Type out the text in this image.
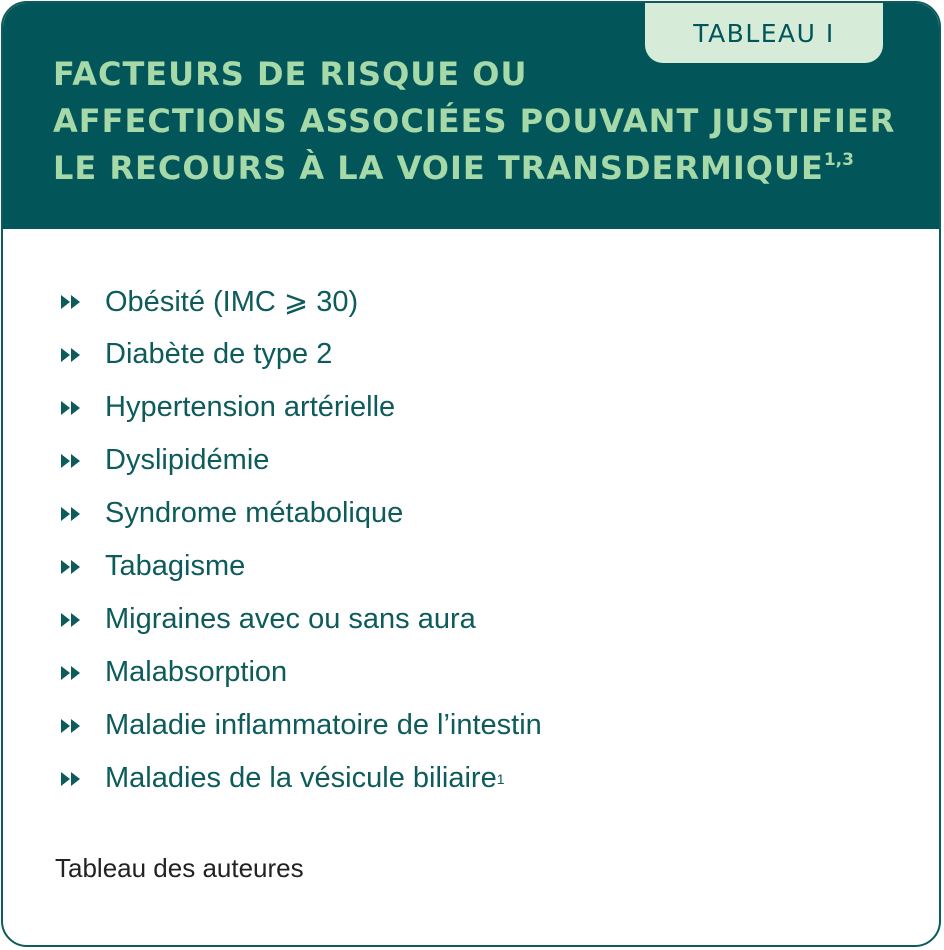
TABLEAU I
FACTEURS DE RISQUE OU
AFFECTIONS ASSOCIÉES POUVANT JUSTIFIER
LE RECOURS À LA VOIE TRANSDERMIQUE$^{1,3}$
Obésité (IMC ⩾ 30)
Diabète de type 2
Hypertension artérielle
Dyslipidémie
Syndrome métabolique
Tabagisme
Migraines avec ou sans aura
Malabsorption
Maladie inflammatoire de l’intestin
Maladies de la vésicule biliaire 1

Tableau des auteures
